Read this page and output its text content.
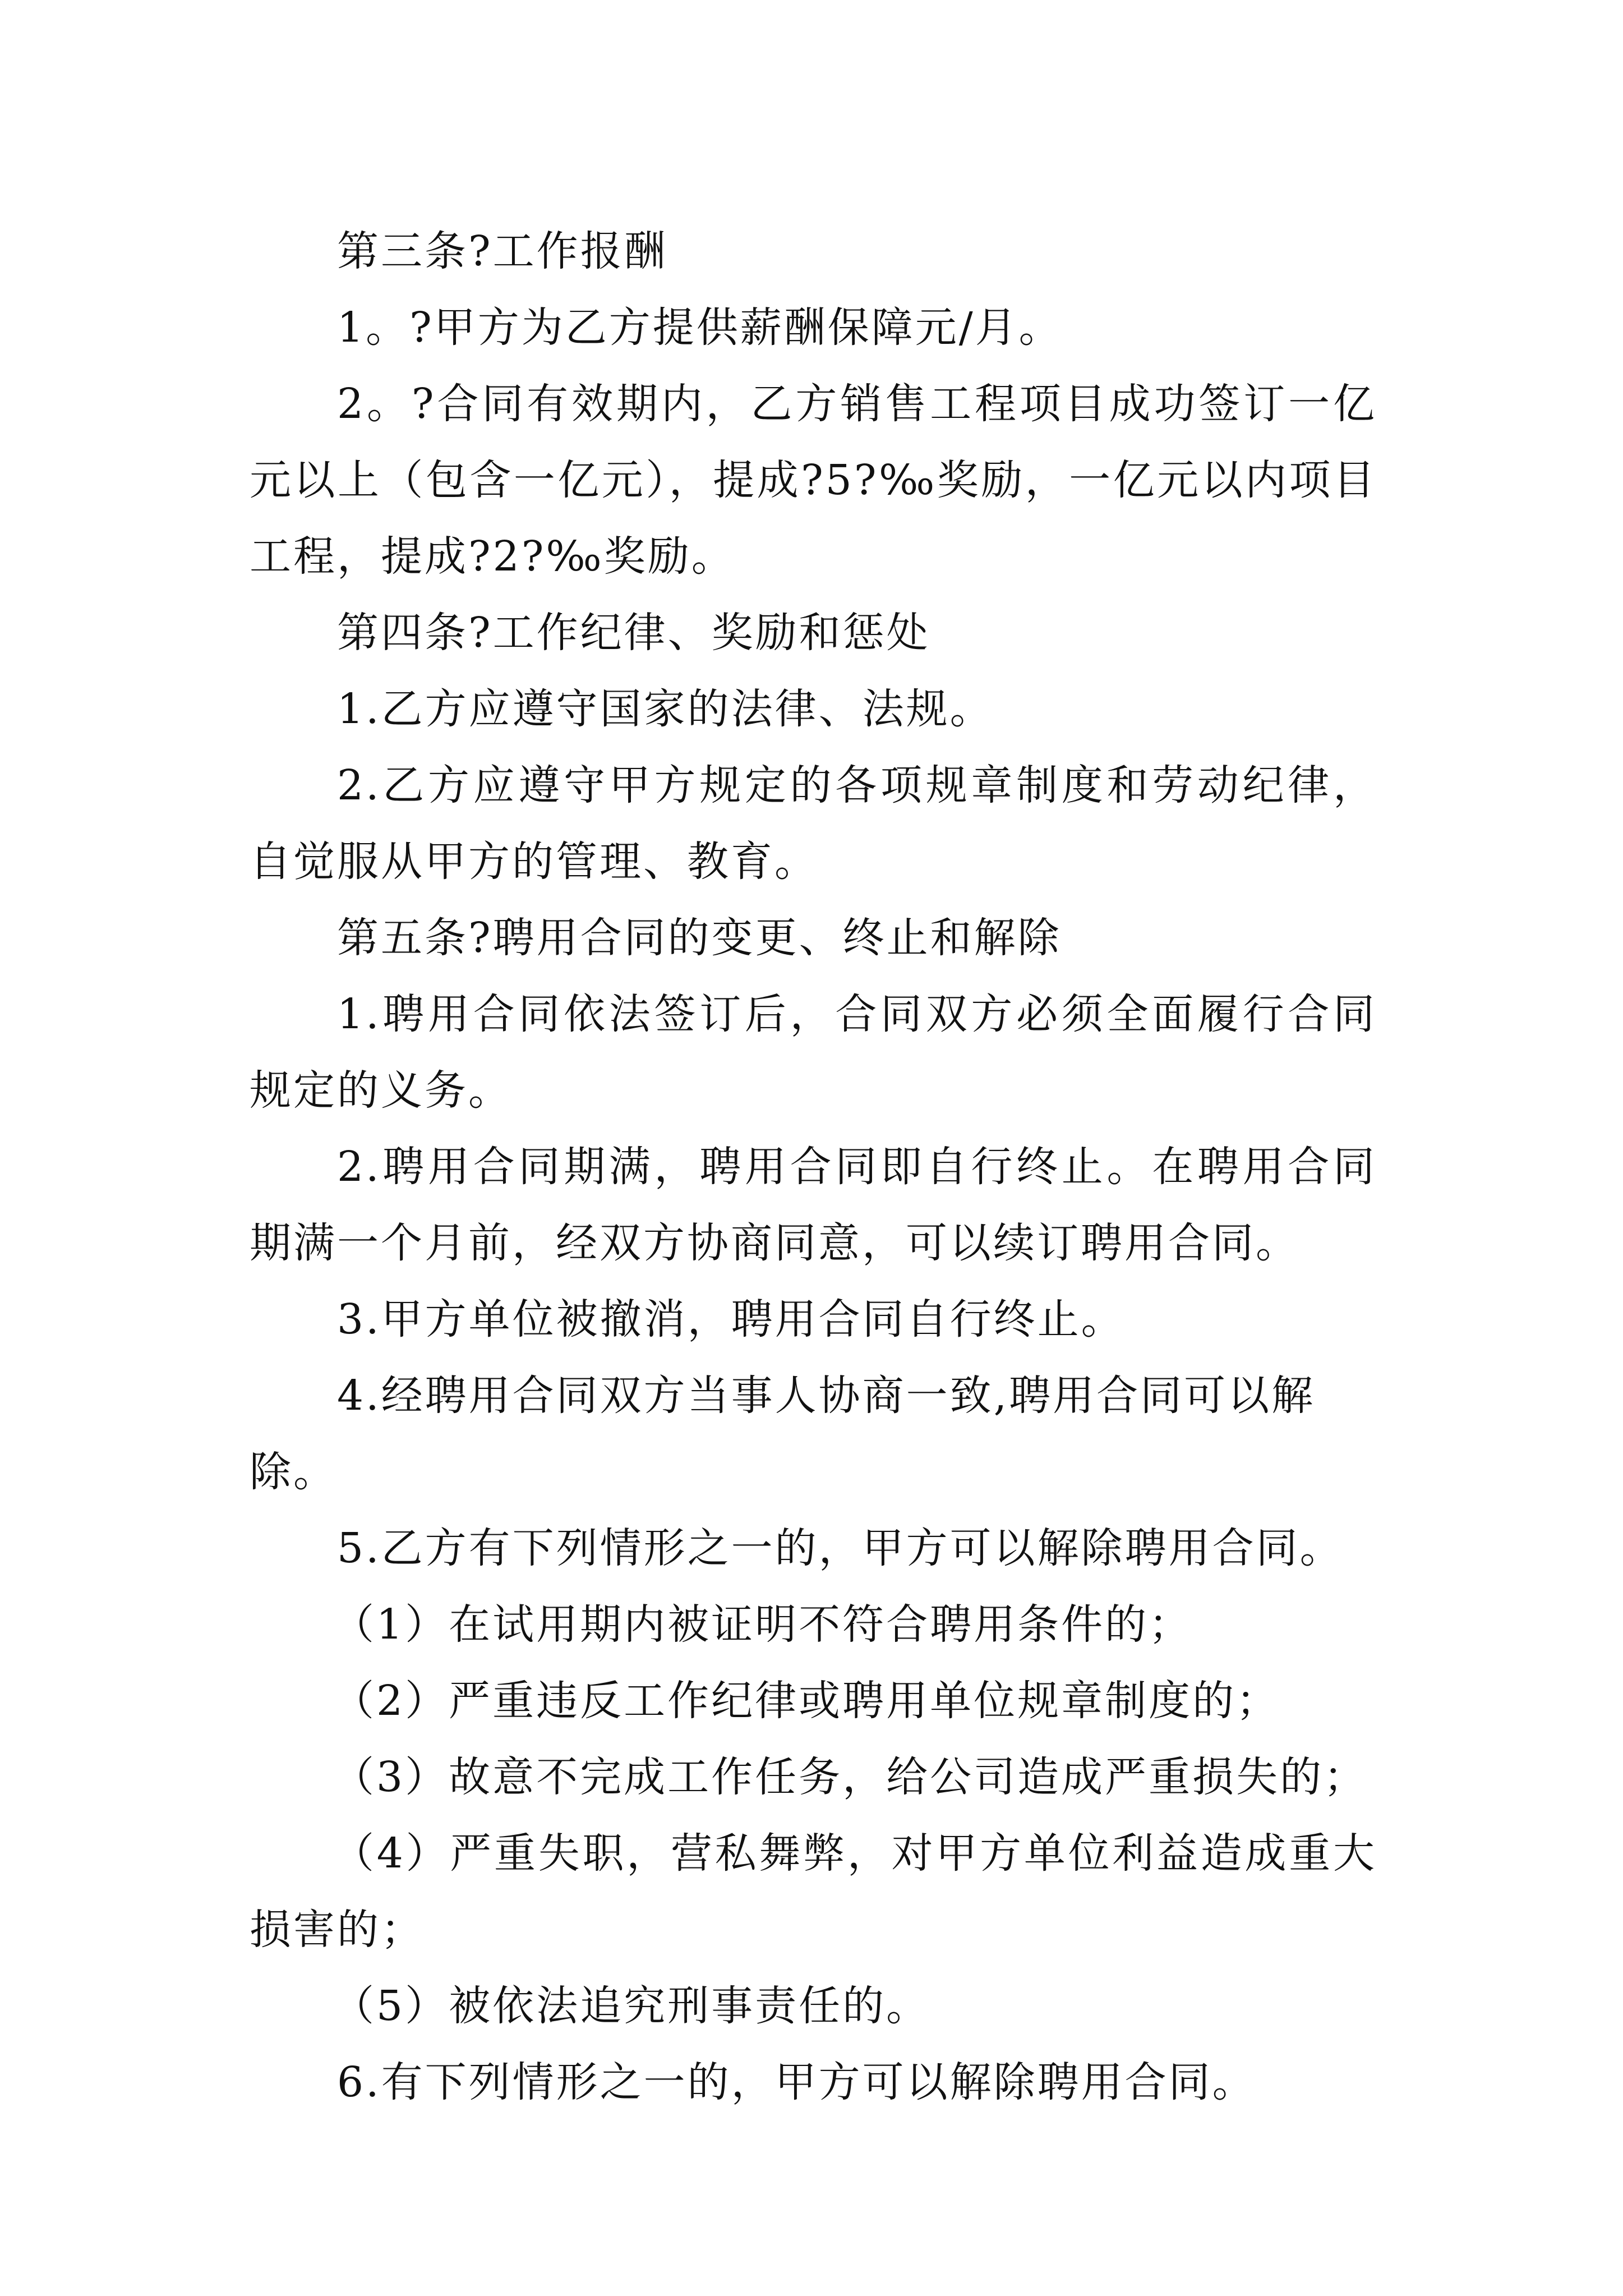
第三条?工作报酬

1。?甲方为乙方提供薪酬保障元/月。

2。?合同有效期内，乙方销售工程项目成功签订一亿元以上（包含一亿元），提成?5?‰奖励，一亿元以内项目工程，提成?2?‰奖励。

第四条?工作纪律、奖励和惩处

1.乙方应遵守国家的法律、法规。

2.乙方应遵守甲方规定的各项规章制度和劳动纪律，自觉服从甲方的管理、教育。

第五条?聘用合同的变更、终止和解除

1.聘用合同依法签订后，合同双方必须全面履行合同规定的义务。

2.聘用合同期满，聘用合同即自行终止。在聘用合同期满一个月前，经双方协商同意，可以续订聘用合同。

3.甲方单位被撤消，聘用合同自行终止。

4.经聘用合同双方当事人协商一致,聘用合同可以解除。

5.乙方有下列情形之一的，甲方可以解除聘用合同。

（1）在试用期内被证明不符合聘用条件的；

（2）严重违反工作纪律或聘用单位规章制度的；

（3）故意不完成工作任务，给公司造成严重损失的；

（4）严重失职，营私舞弊，对甲方单位利益造成重大损害的；

（5）被依法追究刑事责任的。

6.有下列情形之一的，甲方可以解除聘用合同。
